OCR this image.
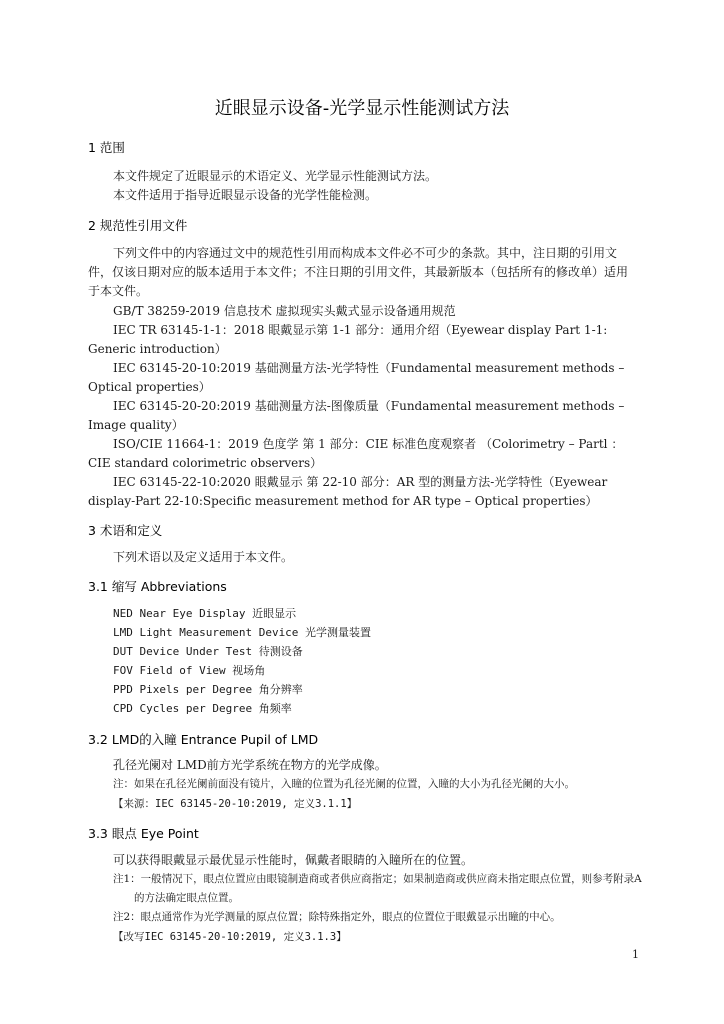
近眼显示设备-光学显示性能测试方法
1 范围
本文件规定了近眼显示的术语定义、光学显示性能测试方法。
本文件适用于指导近眼显示设备的光学性能检测。
2 规范性引用文件
下列文件中的内容通过文中的规范性引用而构成本文件必不可少的条款。其中，注日期的引用文
件，仅该日期对应的版本适用于本文件；不注日期的引用文件，其最新版本（包括所有的修改单）适用
于本文件。
GB/T 38259-2019 信息技术 虚拟现实头戴式显示设备通用规范
IEC TR 63145-1-1：2018 眼戴显示第 1-1 部分：通用介绍（Eyewear display Part 1-1:
Generic introduction）
IEC 63145-20-10:2019 基础测量方法-光学特性（Fundamental measurement methods –
Optical properties）
IEC 63145-20-20:2019 基础测量方法-图像质量（Fundamental measurement methods –
Image quality）
ISO/CIE 11664-1：2019 色度学 第 1 部分：CIE 标准色度观察者 （Colorimetry – Partl ：
CIE standard colorimetric observers）
IEC 63145-22-10:2020 眼戴显示 第 22-10 部分：AR 型的测量方法-光学特性（Eyewear
display-Part 22-10:Specific measurement method for AR type – Optical properties）
3 术语和定义
下列术语以及定义适用于本文件。
3.1 缩写 Abbreviations
NED Near Eye Display 近眼显示
LMD Light Measurement Device 光学测量装置
DUT Device Under Test 待测设备
FOV Field of View 视场角
PPD Pixels per Degree 角分辨率
CPD Cycles per Degree 角频率
3.2 LMD的入瞳 Entrance Pupil of LMD
孔径光阑对 LMD前方光学系统在物方的光学成像。
注：如果在孔径光阑前面没有镜片，入瞳的位置为孔径光阑的位置，入瞳的大小为孔径光阑的大小。
【来源：IEC 63145-20-10:2019, 定义3.1.1】
3.3 眼点 Eye Point
可以获得眼戴显示最优显示性能时，佩戴者眼睛的入瞳所在的位置。
注1：一般情况下，眼点位置应由眼镜制造商或者供应商指定；如果制造商或供应商未指定眼点位置，则参考附录A
的方法确定眼点位置。
注2：眼点通常作为光学测量的原点位置；除特殊指定外，眼点的位置位于眼戴显示出瞳的中心。
【改写IEC 63145-20-10:2019, 定义3.1.3】
1
